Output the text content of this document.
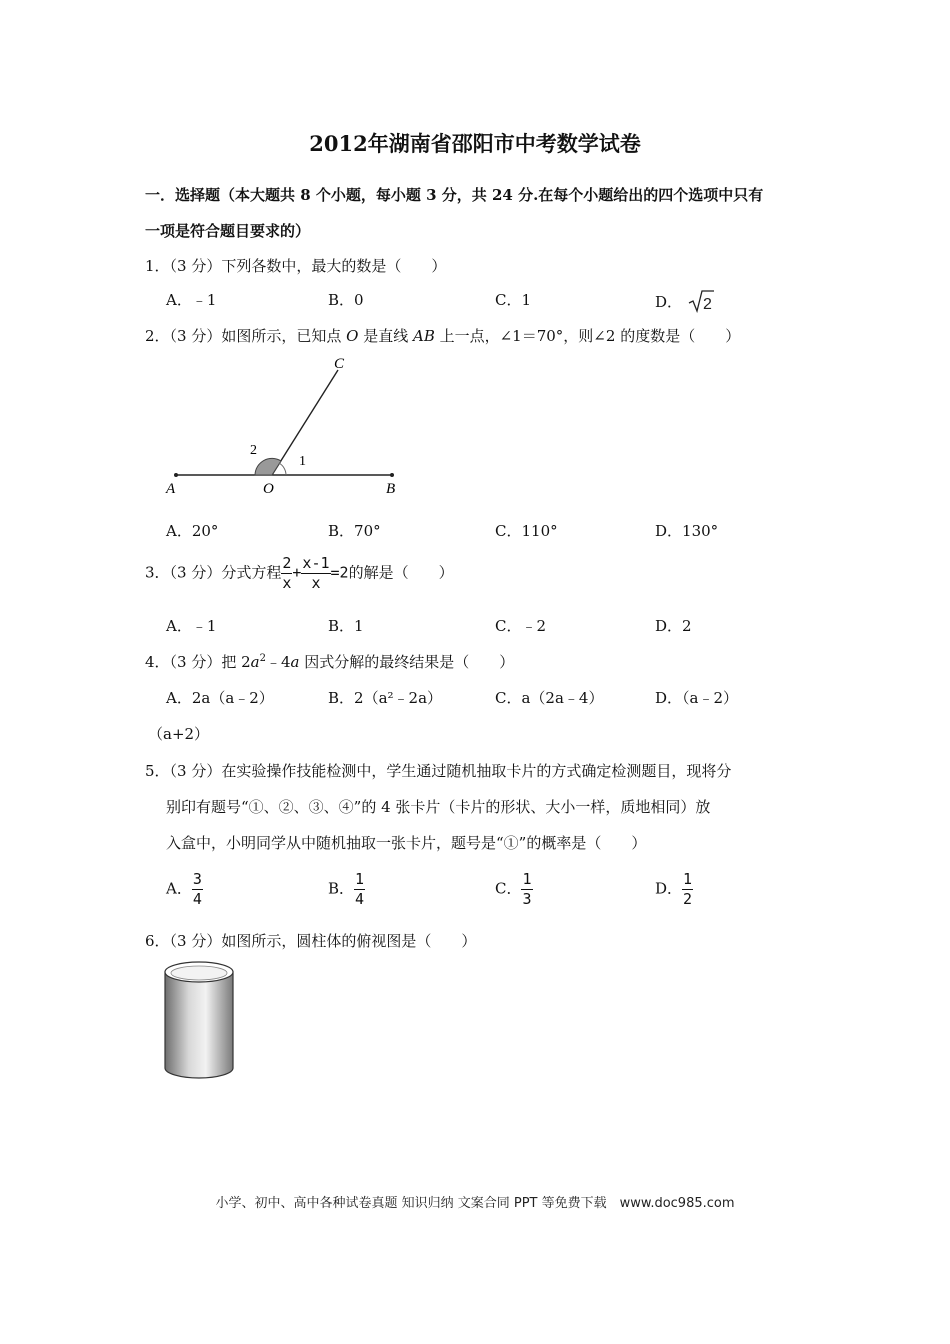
2012年湖南省邵阳市中考数学试卷
一．选择题（本大题共 8 个小题，每小题 3 分，共 24 分.在每个小题给出的四个选项中只有
一项是符合题目要求的）
1．（3 分）下列各数中，最大的数是（　　）
A．﹣1	B．0	C．1	D． 2
2．（3 分）如图所示，已知点 O 是直线 AB 上一点，∠1＝70°，则∠2 的度数是（　　）
C
A	O	B
1
2
A．20°	B．70°	C．110°	D．130°
3．（3 分）分式方程 $\frac{2}{x} + \frac{x-1}{x} =2$的解是（　　）
A．﹣1	B．1	C．﹣2	D．2
4．（3 分）把 $2a^2﹣4a$ 因式分解的最终结果是（　　）
A．2a（a﹣2）	B．2（a²﹣2a）	C．a（2a﹣4）	D．（a﹣2）
（a+2）
5．（3 分）在实验操作技能检测中，学生通过随机抽取卡片的方式确定检测题目，现将分
别印有题号“①、②、③、④”的 4 张卡片（卡片的形状、大小一样，质地相同）放
入盒中，小明同学从中随机抽取一张卡片，题号是“①”的概率是（　　）
A． $\frac{3}{4}$	B． $\frac{1}{4}$	C． $\frac{1}{3}$	D． $\frac{1}{2}$
6．（3 分）如图所示，圆柱体的俯视图是（　　）
小学、初中、高中各种试卷真题 知识归纳 文案合同 PPT 等免费下载　www.doc985.com
